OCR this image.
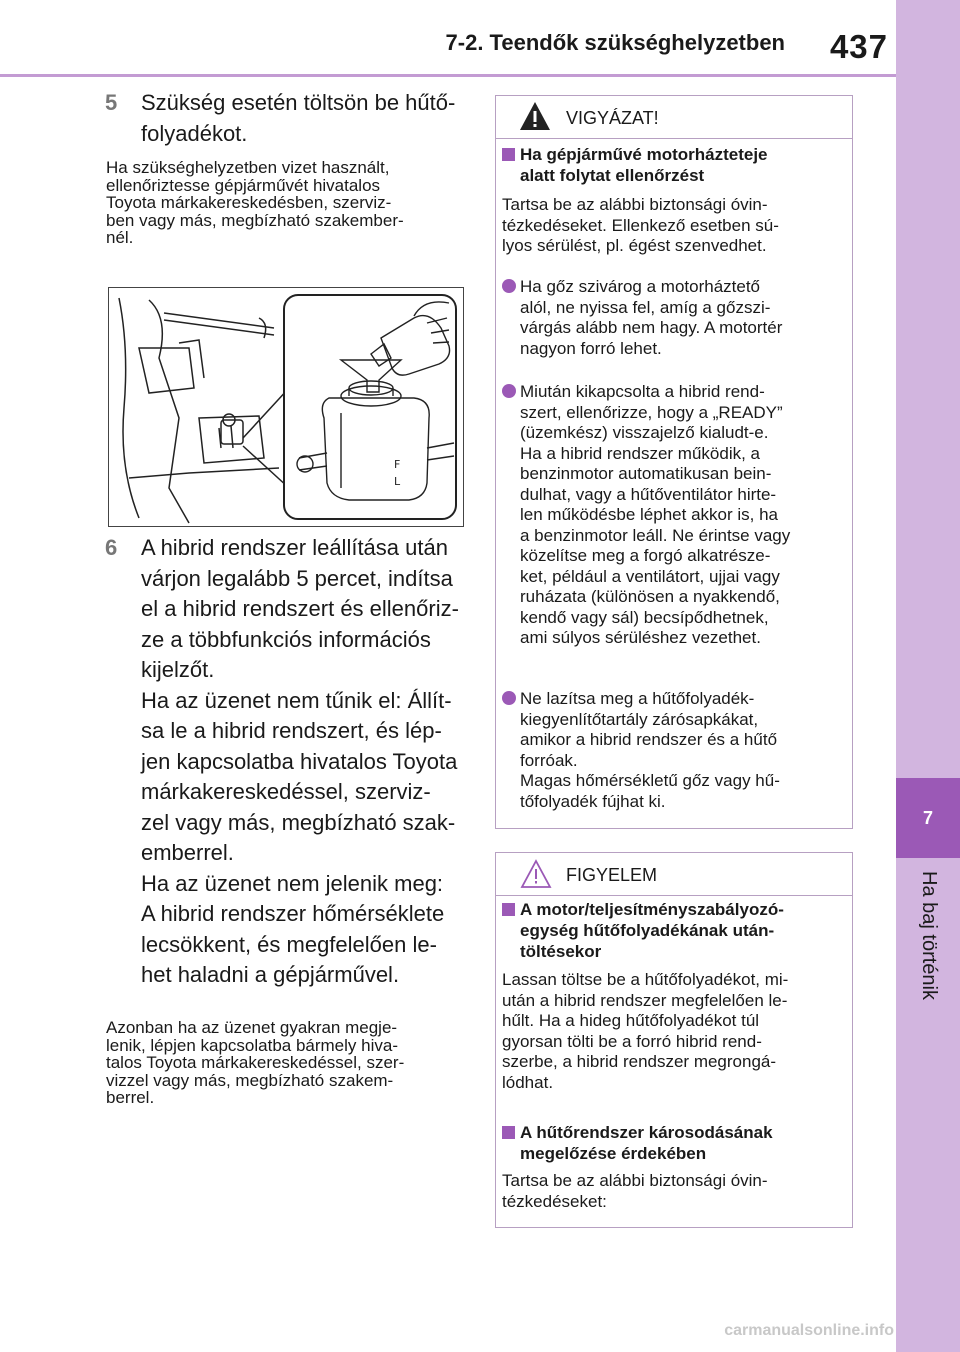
7-2. Teendők szükséghelyzetben	437
7
Ha baj történik
5 Szükség esetén töltsön be hűtő-
folyadékot.
Ha szükséghelyzetben vizet használt,
ellenőriztesse gépjárművét hivatalos
Toyota márkakereskedésben, szerviz-
ben vagy más, megbízható szakember-
nél.
F
L
6 A hibrid rendszer leállítása után
várjon legalább 5 percet, indítsa
el a hibrid rendszert és ellenőriz-
ze a többfunkciós információs
kijelzőt.
Ha az üzenet nem tűnik el: Állít-
sa le a hibrid rendszert, és lép-
jen kapcsolatba hivatalos Toyota
márkakereskedéssel, szerviz-
zel vagy más, megbízható szak-
emberrel.
Ha az üzenet nem jelenik meg:
A hibrid rendszer hőmérséklete
lecsökkent, és megfelelően le-
het haladni a gépjárművel.
Azonban ha az üzenet gyakran megje-
lenik, lépjen kapcsolatba bármely hiva-
talos Toyota márkakereskedéssel, szer-
vizzel vagy más, megbízható szakem-
berrel.
VIGYÁZAT!
Ha gépjárművé motorházteteje
alatt folytat ellenőrzést
Tartsa be az alábbi biztonsági óvin-
tézkedéseket. Ellenkező esetben sú-
lyos sérülést, pl. égést szenvedhet.
Ha gőz szivárog a motorháztető
alól, ne nyissa fel, amíg a gőzszi-
várgás alább nem hagy. A motortér
nagyon forró lehet.
Miután kikapcsolta a hibrid rend-
szert, ellenőrizze, hogy a „READY”
(üzemkész) visszajelző kialudt-e.
Ha a hibrid rendszer működik, a
benzinmotor automatikusan bein-
dulhat, vagy a hűtőventilátor hirte-
len működésbe léphet akkor is, ha
a benzinmotor leáll. Ne érintse vagy
közelítse meg a forgó alkatrésze-
ket, például a ventilátort, ujjai vagy
ruházata (különösen a nyakkendő,
kendő vagy sál) becsípődhetnek,
ami súlyos sérüléshez vezethet.
Ne lazítsa meg a hűtőfolyadék-
kiegyenlítőtartály zárósapkákat,
amikor a hibrid rendszer és a hűtő
forróak.
Magas hőmérsékletű gőz vagy hű-
tőfolyadék fújhat ki.
FIGYELEM
A motor/teljesítményszabályozó-
egység hűtőfolyadékának után-
töltésekor
Lassan töltse be a hűtőfolyadékot, mi-
után a hibrid rendszer megfelelően le-
hűlt. Ha a hideg hűtőfolyadékot túl
gyorsan tölti be a forró hibrid rend-
szerbe, a hibrid rendszer megrongá-
lódhat.
A hűtőrendszer károsodásának
megelőzése érdekében
Tartsa be az alábbi biztonsági óvin-
tézkedéseket:
carmanualsonline.info
